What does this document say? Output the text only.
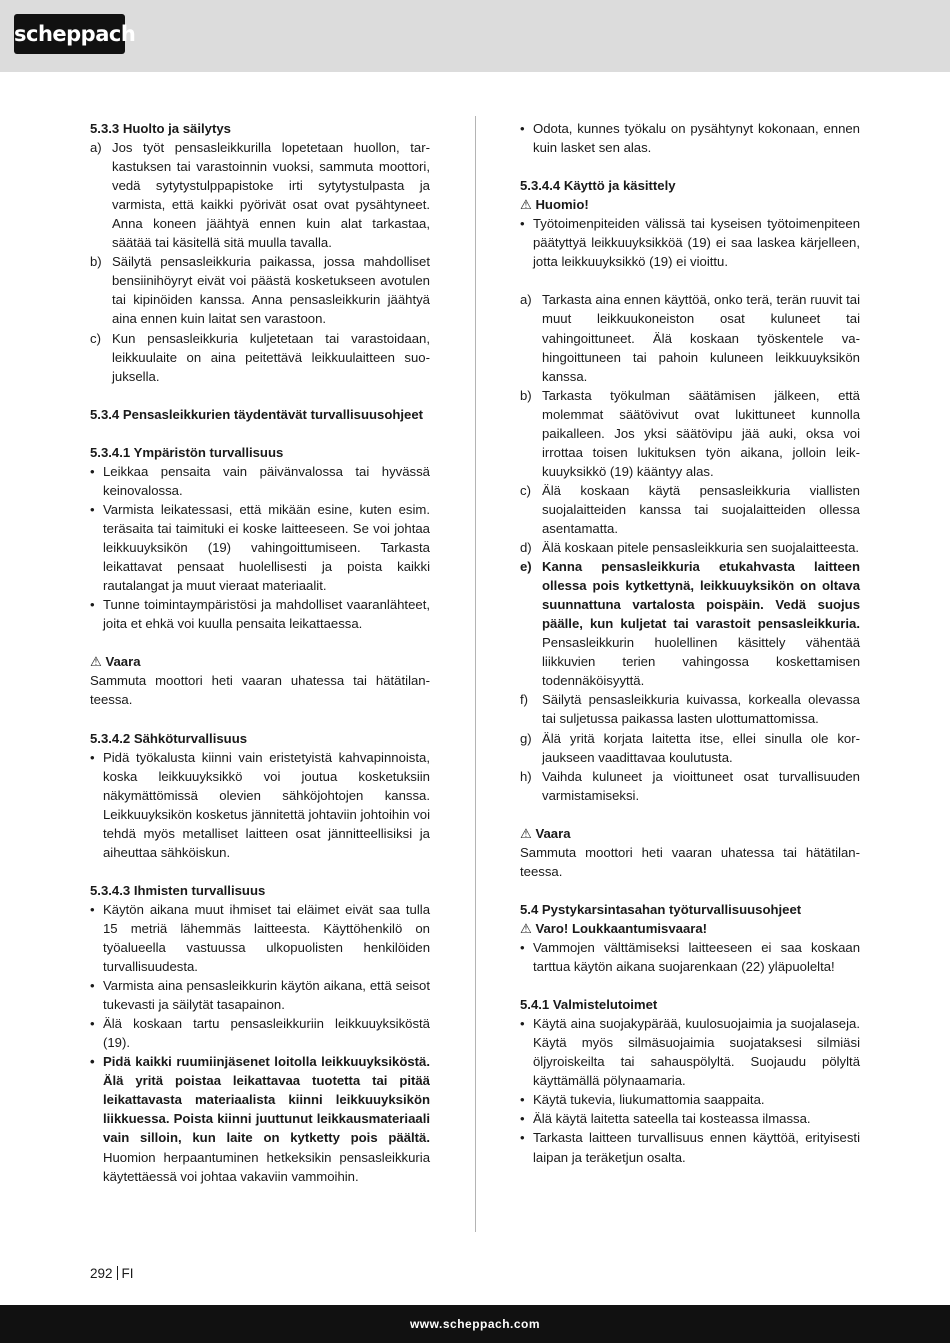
scheppach

5.3.3 Huolto ja säilytys

a) Jos työt pensasleikkurilla lopetetaan huollon, tarkastuksen tai varastoinnin vuoksi, sammuta moottori, vedä sytytystulppapistoke irti sytytystulpasta ja varmista, että kaikki pyörivät osat ovat pysähtyneet. Anna koneen jäähtyä ennen kuin alat tarkastaa, säätää tai käsitellä sitä muulla tavalla.
b) Säilytä pensasleikkuria paikassa, jossa mahdolliset bensiinihöyryt eivät voi päästä kosketukseen avotulen tai kipinöiden kanssa. Anna pensasleikkurin jäähtyä aina ennen kuin laitat sen varastoon.
c) Kun pensasleikkuria kuljetetaan tai varastoidaan, leikkuulaite on aina peitettävä leikkuulaitteen suojuksella.

5.3.4 Pensasleikkurien täydentävät turvallisuusohjeet

5.3.4.1 Ympäristön turvallisuus

• Leikkaa pensaita vain päivänvalossa tai hyvässä keinovalossa.
• Varmista leikatessasi, että mikään esine, kuten esim. teräsaita tai taimituki ei koske laitteeseen. Se voi johtaa leikkuuyksikön (19) vahingoittumiseen. Tarkasta leikattavat pensaat huolellisesti ja poista kaikki rautalangat ja muut vieraat materiaalit.
• Tunne toimintaympäristösi ja mahdolliset vaaranlähteet, joita et ehkä voi kuulla pensaita leikattaessa.

⚠ Vaara

Sammuta moottori heti vaaran uhatessa tai hätätilanteessa.

5.3.4.2 Sähköturvallisuus

• Pidä työkalusta kiinni vain eristetyistä kahvapinnoista, koska leikkuuyksikkö voi joutua kosketuksiin näkymättömissä olevien sähköjohtojen kanssa. Leikkuuyksikön kosketus jännitettä johtaviin johtoihin voi tehdä myös metalliset laitteen osat jännitteellisiksi ja aiheuttaa sähköiskun.

5.3.4.3 Ihmisten turvallisuus

• Käytön aikana muut ihmiset tai eläimet eivät saa tulla 15 metriä lähemmäs laitteesta. Käyttöhenkilö on työalueella vastuussa ulkopuolisten henkilöiden turvallisuudesta.
• Varmista aina pensasleikkurin käytön aikana, että seisot tukevasti ja säilytät tasapainon.
• Älä koskaan tartu pensasleikkuriin leikkuuyksiköstä (19).
• Pidä kaikki ruumiinjäsenet loitolla leikkuuyksiköstä. Älä yritä poistaa leikattavaa tuotetta tai pitää leikattavasta materiaalista kiinni leikkuuyksikön liikkuessa. Poista kiinni juuttunut leikkausmateriaali vain silloin, kun laite on kytketty pois päältä. Huomion herpaantuminen hetkeksikin pensasleikkuria käytettäessä voi johtaa vakaviin vammoihin.
• Odota, kunnes työkalu on pysähtynyt kokonaan, ennen kuin lasket sen alas.

5.3.4.4 Käyttö ja käsittely

⚠ Huomio!

• Työtoimenpiteiden välissä tai kyseisen työtoimenpiteen päätyttyä leikkuuyksikköä (19) ei saa laskea kärjelleen, jotta leikkuuyksikkö (19) ei vioittu.
a) Tarkasta aina ennen käyttöä, onko terä, terän ruuvit tai muut leikkuukoneiston osat kuluneet tai vahingoittuneet. Älä koskaan työskentele vahingoittuneen tai pahoin kuluneen leikkuuyksikön kanssa.
b) Tarkasta työkulman säätämisen jälkeen, että molemmat säätövivut ovat lukittuneet kunnolla paikalleen. Jos yksi säätövipu jää auki, oksa voi irrottaa toisen lukituksen työn aikana, jolloin leikkuuyksikkö (19) kääntyy alas.
c) Älä koskaan käytä pensasleikkuria viallisten suojalaitteiden kanssa tai suojalaitteiden ollessa asentamatta.
d) Älä koskaan pitele pensasleikkuria sen suojalaitteesta.
e) Kanna pensasleikkuria etukahvasta laitteen ollessa pois kytkettynä, leikkuuyksikön on oltava suunnattuna vartalosta poispäin. Vedä suojus päälle, kun kuljetat tai varastoit pensasleikkuria. Pensasleikkurin huolellinen käsittely vähentää liikkuvien terien vahingossa koskettamisen todennäköisyyttä.
f) Säilytä pensasleikkuria kuivassa, korkealla olevassa tai suljetussa paikassa lasten ulottumattomissa.
g) Älä yritä korjata laitetta itse, ellei sinulla ole korjaukseen vaadittavaa koulutusta.
h) Vaihda kuluneet ja vioittuneet osat turvallisuuden varmistamiseksi.

⚠ Vaara

Sammuta moottori heti vaaran uhatessa tai hätätilanteessa.

5.4 Pystykarsintasahan työturvallisuusohjeet

⚠ Varo! Loukkaantumisvaara!

• Vammojen välttämiseksi laitteeseen ei saa koskaan tarttua käytön aikana suojarenkaan (22) yläpuolelta!

5.4.1 Valmistelutoimet

• Käytä aina suojakypärää, kuulosuojaimia ja suojalaseja. Käytä myös silmäsuojaimia suojataksesi silmiäsi öljyroiskeilta tai sahauspölyltä. Suojaudu pölyltä käyttämällä pölynaamaria.
• Käytä tukevia, liukumattomia saappaita.
• Älä käytä laitetta sateella tai kosteassa ilmassa.
• Tarkasta laitteen turvallisuus ennen käyttöä, erityisesti laipan ja teräketjun osalta.
292 FI
www.scheppach.com
